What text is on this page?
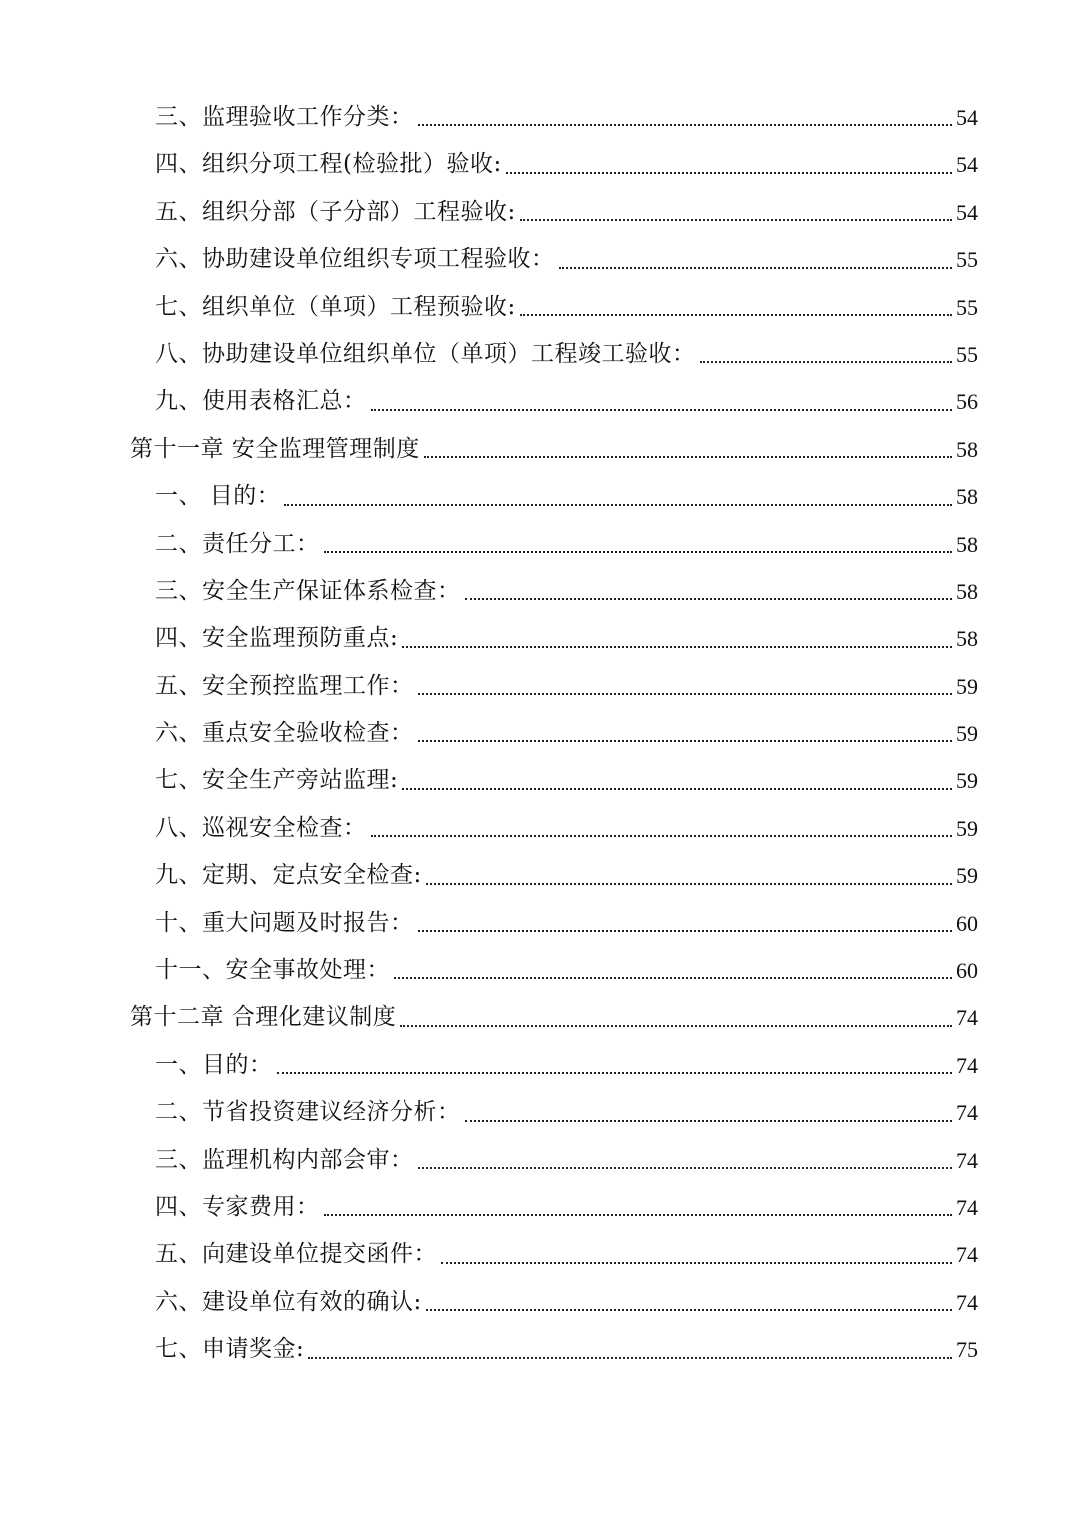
三、监理验收工作分类：	54
四、组织分项工程(检验批）验收:	54
五、组织分部（子分部）工程验收:	54
六、协助建设单位组织专项工程验收：	55
七、组织单位（单项）工程预验收:	55
八、协助建设单位组织单位（单项）工程竣工验收：	55
九、使用表格汇总：	56
第十一章 安全监理管理制度	58
一、 目的：	58
二、责任分工：	58
三、安全生产保证体系检查：	58
四、安全监理预防重点:	58
五、安全预控监理工作：	59
六、重点安全验收检查：	59
七、安全生产旁站监理:	59
八、巡视安全检查：	59
九、定期、定点安全检查:	59
十、重大问题及时报告：	60
十一、安全事故处理：	60
第十二章 合理化建议制度	74
一、目的：	74
二、节省投资建议经济分析：	74
三、监理机构内部会审：	74
四、专家费用：	74
五、向建设单位提交函件：	74
六、建设单位有效的确认:	74
七、申请奖金:	75
